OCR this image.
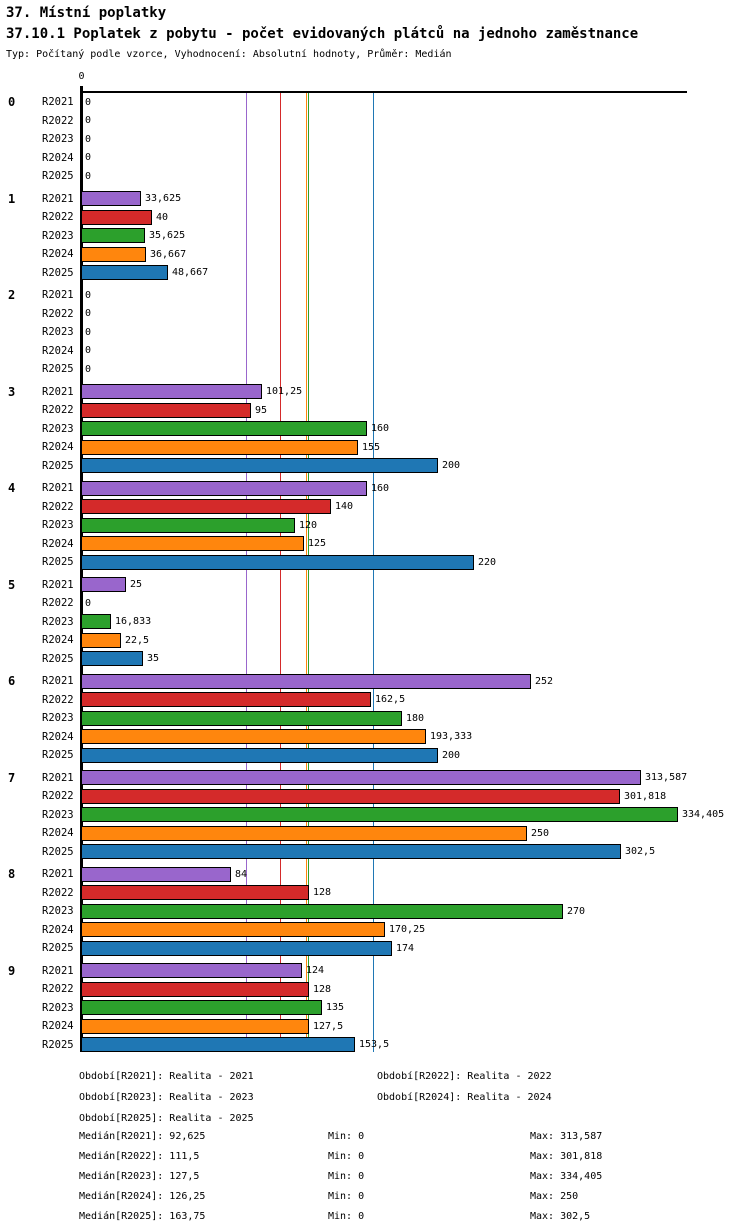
37. Místní poplatky
37.10.1 Poplatek z pobytu - počet evidovaných plátců na jednoho zaměstnance
Typ: Počítaný podle vzorce, Vyhodnocení: Absolutní hodnoty, Průměr: Medián
0
0	R2021	0
R2022	0
R2023	0
R2024	0
R2025	0
1	R2021	33,625
R2022	40
R2023	35,625
R2024	36,667
R2025	48,667
2	R2021	0
R2022	0
R2023	0
R2024	0
R2025	0
3	R2021	101,25
R2022	95
R2023	160
R2024	155
R2025	200
4	R2021	160
R2022	140
R2023	120
R2024	125
R2025	220
5	R2021	25
R2022	0
R2023	16,833
R2024	22,5
R2025	35
6	R2021	252
R2022	162,5
R2023	180
R2024	193,333
R2025	200
7	R2021	313,587
R2022	301,818
R2023	334,405
R2024	250
R2025	302,5
8	R2021	84
R2022	128
R2023	270
R2024	170,25
R2025	174
9	R2021	124
R2022	128
R2023	135
R2024	127,5
R2025	153,5
Období[R2021]: Realita - 2021	Období[R2022]: Realita - 2022
Období[R2023]: Realita - 2023	Období[R2024]: Realita - 2024
Období[R2025]: Realita - 2025
Medián[R2021]: 92,625	Min: 0	Max: 313,587
Medián[R2022]: 111,5	Min: 0	Max: 301,818
Medián[R2023]: 127,5	Min: 0	Max: 334,405
Medián[R2024]: 126,25	Min: 0	Max: 250
Medián[R2025]: 163,75	Min: 0	Max: 302,5
